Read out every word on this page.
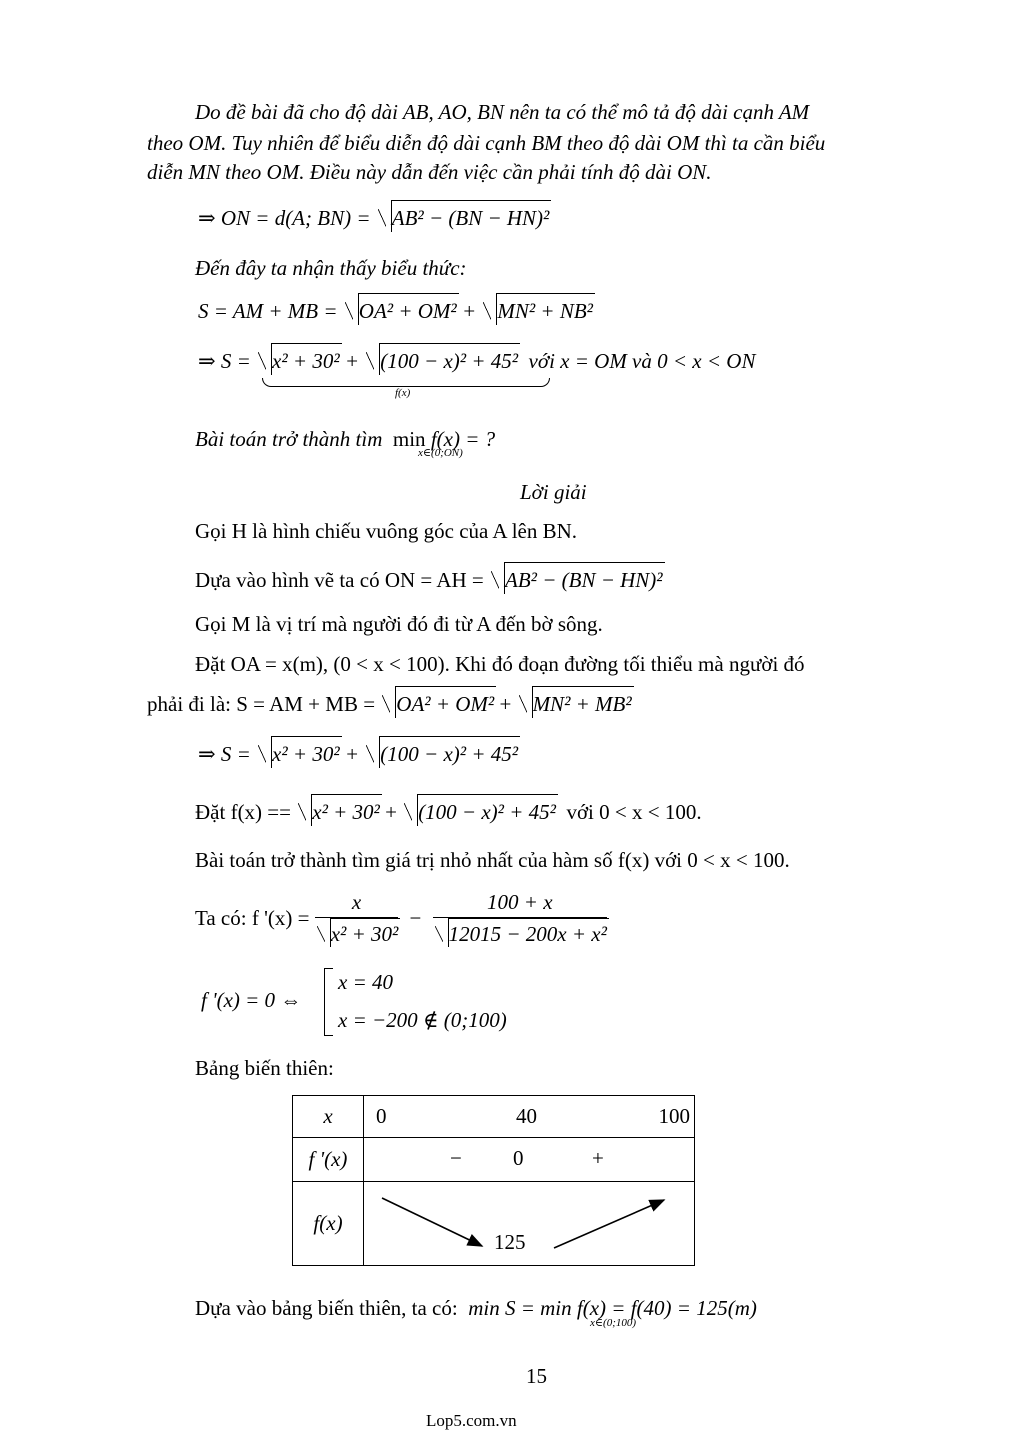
Do đề bài đã cho độ dài AB, AO, BN nên ta có thể mô tả độ dài cạnh AM
theo OM. Tuy nhiên để biểu diễn độ dài cạnh BM theo độ dài OM thì ta cần biểu
diễn MN theo OM. Điều này dẫn đến việc cần phải tính độ dài ON.
⇒ ON = d(A; BN) = AB² − (BN − HN)²
Đến đây ta nhận thấy biểu thức:
S = AM + MB = OA² + OM² + MN² + NB²
⇒ S = x² + 30² + (100 − x)² + 45² với x = OM và 0 < x < ON
f(x)
Bài toán trở thành tìm min f(x) = ?
x∈(0;ON)
Lời giải
Gọi H là hình chiếu vuông góc của A lên BN.
Dựa vào hình vẽ ta có ON = AH = AB² − (BN − HN)²
Gọi M là vị trí mà người đó đi từ A đến bờ sông.
Đặt OA = x(m), (0 < x < 100). Khi đó đoạn đường tối thiểu mà người đó
phải đi là: S = AM + MB = OA² + OM² + MN² + MB²
⇒ S = x² + 30² + (100 − x)² + 45²
Đặt f(x) == x² + 30² + (100 − x)² + 45² với 0 < x < 100.
Bài toán trở thành tìm giá trị nhỏ nhất của hàm số f(x) với 0 < x < 100.
Ta có: f '$(x) = \frac{x}{\text{x² + 30²}} - \frac{100 + x}{\text{12015 − 200x + x²}}$
f '(x) = 0 ⇔
x = 40
x = −200 ∉ (0;100)
Bảng biến thiên:
x	0 40 100

f '(x)	− 0 +

f(x)	125
Dựa vào bảng biến thiên, ta có: min S = min f(x) = f(40) = 125(m)
x∈(0;100)
15
Lop5.com.vn
